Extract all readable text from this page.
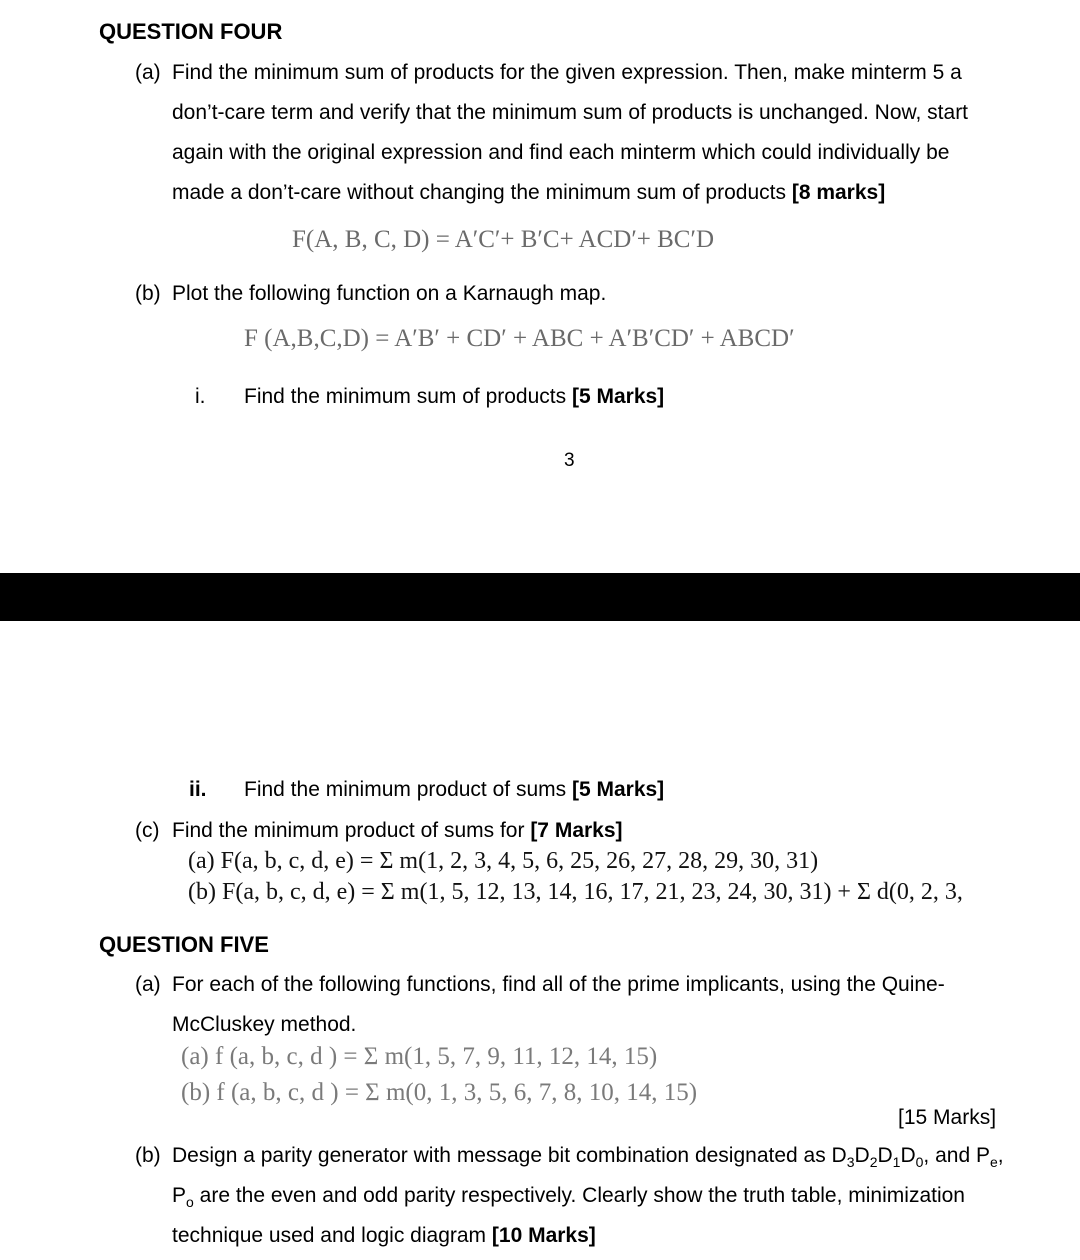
QUESTION FOUR
(a) Find the minimum sum of products for the given expression. Then, make minterm 5 a
don’t-care term and verify that the minimum sum of products is unchanged. Now, start
again with the original expression and find each minterm which could individually be
made a don’t-care without changing the minimum sum of products [8 marks]
F(A, B, C, D) = A′C′+ B′C+ ACD′+ BC′D
(b) Plot the following function on a Karnaugh map.
F (A,B,C,D) = A′B′ + CD′ + ABC + A′B′CD′ + ABCD′
i. Find the minimum sum of products [5 Marks]
3
ii. Find the minimum product of sums [5 Marks]
(c) Find the minimum product of sums for [7 Marks]
(a) F(a, b, c, d, e) = Σ m(1, 2, 3, 4, 5, 6, 25, 26, 27, 28, 29, 30, 31)
(b) F(a, b, c, d, e) = Σ m(1, 5, 12, 13, 14, 16, 17, 21, 23, 24, 30, 31) + Σ d(0, 2, 3,
QUESTION FIVE
(a) For each of the following functions, find all of the prime implicants, using the Quine-
McCluskey method.
(a) f (a, b, c, d ) = Σ m(1, 5, 7, 9, 11, 12, 14, 15)
(b) f (a, b, c, d ) = Σ m(0, 1, 3, 5, 6, 7, 8, 10, 14, 15)
[15 Marks]
(b) Design a parity generator with message bit combination designated as $D_3D_2D_1D_0$, and $P_e$,
$P_o$ are the even and odd parity respectively. Clearly show the truth table, minimization
technique used and logic diagram [10 Marks]
